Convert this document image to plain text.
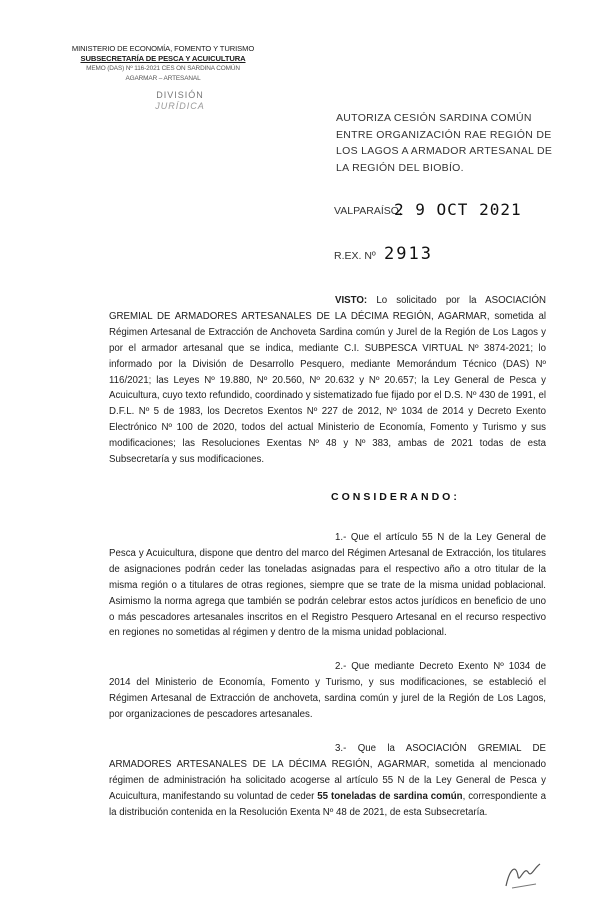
MINISTERIO DE ECONOMÍA, FOMENTO Y TURISMO
SUBSECRETARÍA DE PESCA Y ACUICULTURA
MEMO (DAS) Nº 116-2021 CES ON SARDINA COMÚN
AGARMAR – ARTESANAL
DIVISIÓN
JURÍDICA
AUTORIZA CESIÓN SARDINA COMÚN ENTRE ORGANIZACIÓN RAE REGIÓN DE LOS LAGOS A ARMADOR ARTESANAL DE LA REGIÓN DEL BIOBÍO.
VALPARAÍSO,
2 9 OCT 2021
R.EX. Nº 2913
VISTO: Lo solicitado por la ASOCIACIÓN GREMIAL DE ARMADORES ARTESANALES DE LA DÉCIMA REGIÓN, AGARMAR, sometida al Régimen Artesanal de Extracción de Anchoveta Sardina común y Jurel de la Región de Los Lagos y por el armador artesanal que se indica, mediante C.I. SUBPESCA VIRTUAL Nº 3874-2021; lo informado por la División de Desarrollo Pesquero, mediante Memorándum Técnico (DAS) Nº 116/2021; las Leyes Nº 19.880, Nº 20.560, Nº 20.632 y Nº 20.657; la Ley General de Pesca y Acuicultura, cuyo texto refundido, coordinado y sistematizado fue fijado por el D.S. Nº 430 de 1991, el D.F.L. Nº 5 de 1983, los Decretos Exentos Nº 227 de 2012, Nº 1034 de 2014 y Decreto Exento Electrónico Nº 100 de 2020, todos del actual Ministerio de Economía, Fomento y Turismo y sus modificaciones; las Resoluciones Exentas Nº 48 y Nº 383, ambas de 2021 todas de esta Subsecretaría y sus modificaciones.
CONSIDERANDO:
1.- Que el artículo 55 N de la Ley General de Pesca y Acuicultura, dispone que dentro del marco del Régimen Artesanal de Extracción, los titulares de asignaciones podrán ceder las toneladas asignadas para el respectivo año a otro titular de la misma región o a titulares de otras regiones, siempre que se trate de la misma unidad poblacional. Asimismo la norma agrega que también se podrán celebrar estos actos jurídicos en beneficio de uno o más pescadores artesanales inscritos en el Registro Pesquero Artesanal en el recurso respectivo en regiones no sometidas al régimen y dentro de la misma unidad poblacional.
2.- Que mediante Decreto Exento Nº 1034 de 2014 del Ministerio de Economía, Fomento y Turismo, y sus modificaciones, se estableció el Régimen Artesanal de Extracción de anchoveta, sardina común y jurel de la Región de Los Lagos, por organizaciones de pescadores artesanales.
3.- Que la ASOCIACIÓN GREMIAL DE ARMADORES ARTESANALES DE LA DÉCIMA REGIÓN, AGARMAR, sometida al mencionado régimen de administración ha solicitado acogerse al artículo 55 N de la Ley General de Pesca y Acuicultura, manifestando su voluntad de ceder 55 toneladas de sardina común, correspondiente a la distribución contenida en la Resolución Exenta Nº 48 de 2021, de esta Subsecretaría.
